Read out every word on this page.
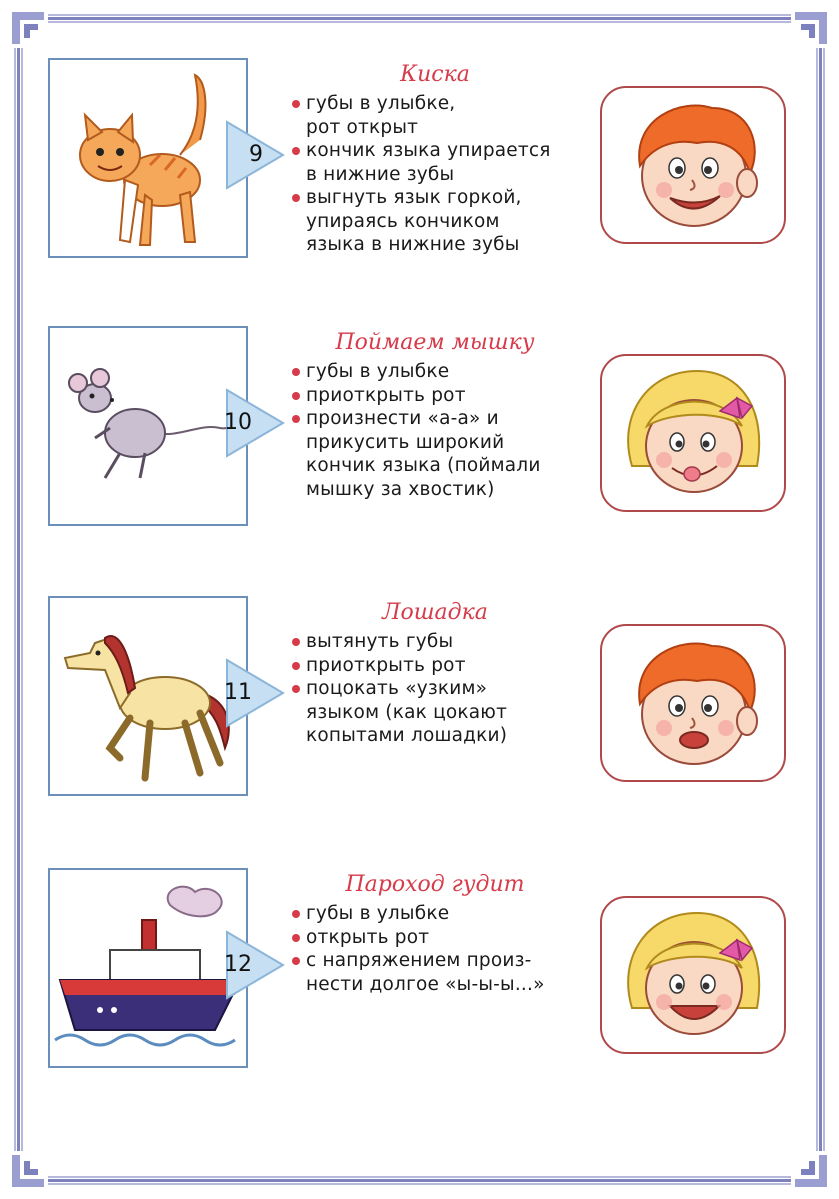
9
Киска
губы в улыбке,
рот открыт
кончик языка упирается
в нижние зубы
выгнуть язык горкой,
упираясь кончиком
языка в нижние зубы
10
Поймаем мышку
губы в улыбке
приоткрыть рот
произнести «а-а» и
прикусить широкий
кончик языка (поймали
мышку за хвостик)
11
Лошадка
вытянуть губы
приоткрыть рот
поцокать «узким»
языком (как цокают
копытами лошадки)
12
Пароход гудит
губы в улыбке
открыть рот
с напряжением произ-
нести долгое «ы-ы-ы...»
